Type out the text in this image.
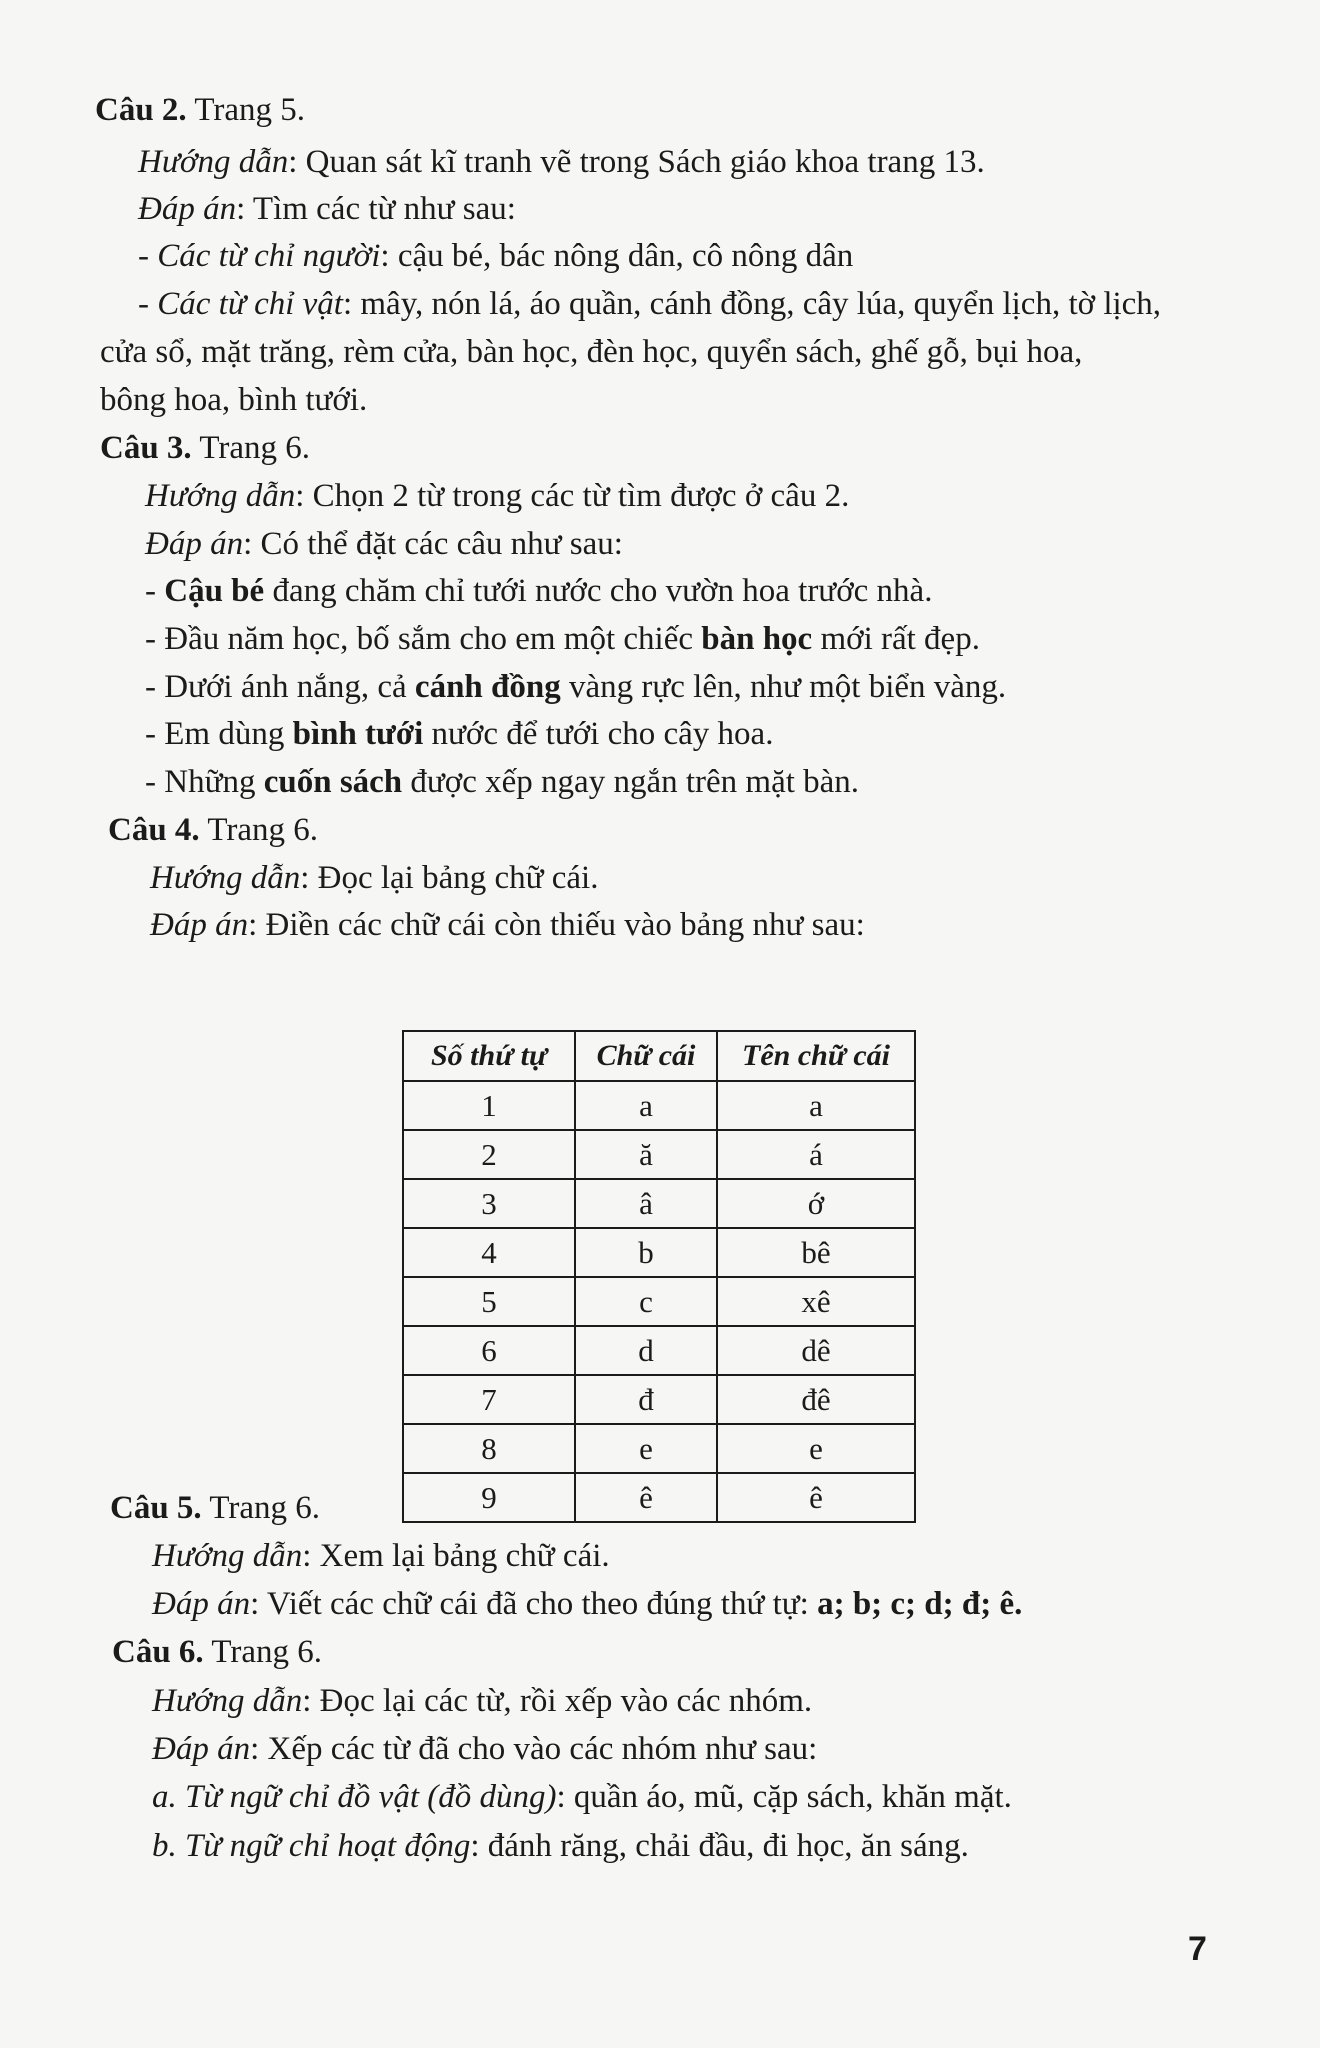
Câu 2. Trang 5.
Hướng dẫn: Quan sát kĩ tranh vẽ trong Sách giáo khoa trang 13.
Đáp án: Tìm các từ như sau:
- Các từ chỉ người: cậu bé, bác nông dân, cô nông dân
- Các từ chỉ vật: mây, nón lá, áo quần, cánh đồng, cây lúa, quyển lịch, tờ lịch,
cửa sổ, mặt trăng, rèm cửa, bàn học, đèn học, quyển sách, ghế gỗ, bụi hoa,
bông hoa, bình tưới.
Câu 3. Trang 6.
Hướng dẫn: Chọn 2 từ trong các từ tìm được ở câu 2.
Đáp án: Có thể đặt các câu như sau:
- Cậu bé đang chăm chỉ tưới nước cho vườn hoa trước nhà.
- Đầu năm học, bố sắm cho em một chiếc bàn học mới rất đẹp.
- Dưới ánh nắng, cả cánh đồng vàng rực lên, như một biển vàng.
- Em dùng bình tưới nước để tưới cho cây hoa.
- Những cuốn sách được xếp ngay ngắn trên mặt bàn.
Câu 4. Trang 6.
Hướng dẫn: Đọc lại bảng chữ cái.
Đáp án: Điền các chữ cái còn thiếu vào bảng như sau:
Câu 5. Trang 6.
Hướng dẫn: Xem lại bảng chữ cái.
Đáp án: Viết các chữ cái đã cho theo đúng thứ tự: a; b; c; d; đ; ê.
Câu 6. Trang 6.
Hướng dẫn: Đọc lại các từ, rồi xếp vào các nhóm.
Đáp án: Xếp các từ đã cho vào các nhóm như sau:
a. Từ ngữ chỉ đồ vật (đồ dùng): quần áo, mũ, cặp sách, khăn mặt.
b. Từ ngữ chỉ hoạt động: đánh răng, chải đầu, đi học, ăn sáng.
Số thứ tự	Chữ cái	Tên chữ cái
1	a	a
2	ă	á
3	â	ớ
4	b	bê
5	c	xê
6	d	dê
7	đ	đê
8	e	e
9	ê	ê
7
